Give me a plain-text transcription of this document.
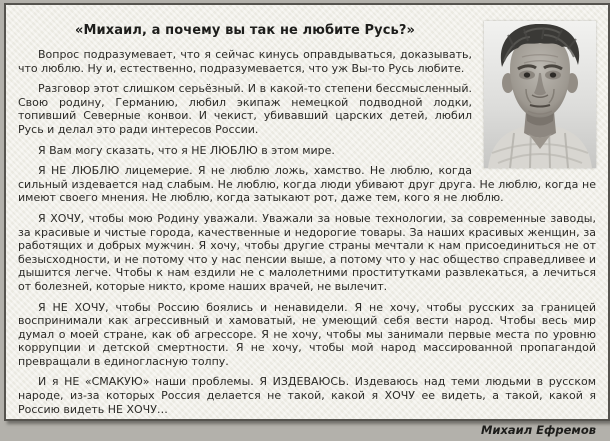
«Михаил, а почему вы так не любите Русь?»

Вопрос подразумевает, что я сейчас кинусь оправдываться, доказывать, что люблю. Ну и, естественно, подразумевается, что уж Вы-то Русь любите.

Разговор этот слишком серьёзный. И в какой-то степени бессмысленный. Свою родину, Германию, любил экипаж немецкой подводной лодки, топивший Северные конвои. И чекист, убивавший царских детей, любил Русь и делал это ради интересов России.

Я Вам могу сказать, что я НЕ ЛЮБЛЮ в этом мире.

Я НЕ ЛЮБЛЮ лицемерие. Я не люблю ложь, хамство. Не люблю, когда сильный издевается над слабым. Не люблю, когда люди убивают друг друга. Не люблю, когда не имеют своего мнения. Не люблю, когда затыкают рот, даже тем, кого я не люблю.

Я ХОЧУ, чтобы мою Родину уважали. Уважали за новые технологии, за современные заводы, за красивые и чистые города, качественные и недорогие товары. За наших красивых женщин, за работящих и добрых мужчин. Я хочу, чтобы другие страны мечтали к нам присоединиться не от безысходности, и не потому что у нас пенсии выше, а потому что у нас общество справедливее и дышится легче. Чтобы к нам ездили не с малолетними проститутками развлекаться, а лечиться от болезней, которые никто, кроме наших врачей, не вылечит.

Я НЕ ХОЧУ, чтобы Россию боялись и ненавидели. Я не хочу, чтобы русских за границей воспринимали как агрессивный и хамоватый, не умеющий себя вести народ. Чтобы весь мир думал о моей стране, как об агрессоре. Я не хочу, чтобы мы занимали первые места по уровню коррупции и детской смертности. Я не хочу, чтобы мой народ массированной пропагандой превращали в единогласную толпу.

И я НЕ «СМАКУЮ» наши проблемы. Я ИЗДЕВАЮСЬ. Издеваюсь над теми людьми в русском народе, из-за которых Россия делается не такой, какой я ХОЧУ ее видеть, а такой, какой я Россию видеть НЕ ХОЧУ…

Михаил Ефремов
